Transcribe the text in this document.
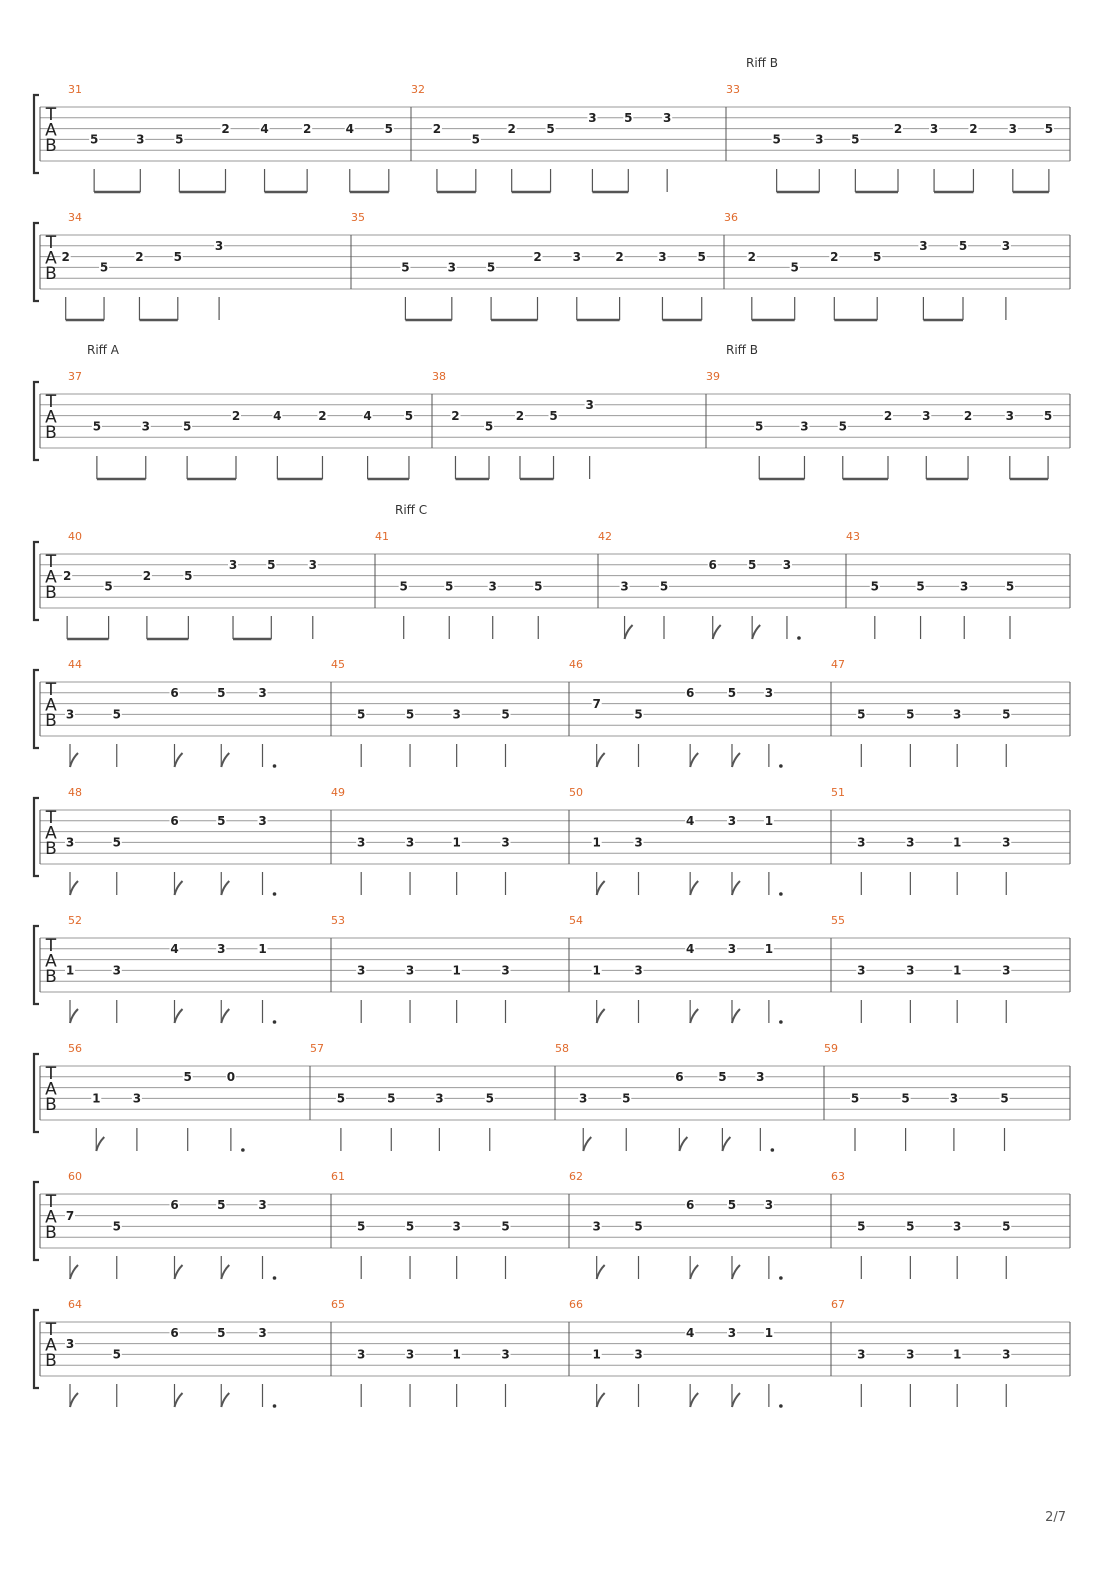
T
A
B
Riff B
31
5	3	5
2	4	2	4	5
32
2
5
2	5
3 5	3
33
5	3 5
2 3	2	3 5
T
A
B
34
2
5
2 5
3
35
5	3	5
2	3	2	3	5
36
2
5
2	5
3	5	3
T
A
B
Riff A	Riff B
37
5	3	5
2	4	2	4	5
38
2
5
2 5
3
39
5	3 5
2 3	2	3 5
T
A
B
Riff C
40
2
5
2	5
3 5	3
41
5	5	3	5
42
3	5
6	5 3
43
5	5	3	5
T
A
B
44
3	5
6	5	3
45
5	5	3	5
46
7
5
6	5 3
47
5	5	3	5
T
A
B
48
3	5
6	5	3
49
3	3	1	3
50
1	3
4	3 1
51
3	3	1	3
T
A
B
52
1	3
4	3	1
53
3	3	1	3
54
1	3
4	3 1
55
3	3	1	3
T
A
B
56
1	3
5	0
57
5	5	3	5
58
3	5
6	5 3
59
5	5	3	5
T
A
B
60
7
5
6	5	3
61
5	5	3	5
62
3	5
6	5 3
63
5	5	3	5
T
A
B
64
3
5
6	5	3
65
3	3	1	3
66
1	3
4	3 1
67
3	3	1	3
2/7
